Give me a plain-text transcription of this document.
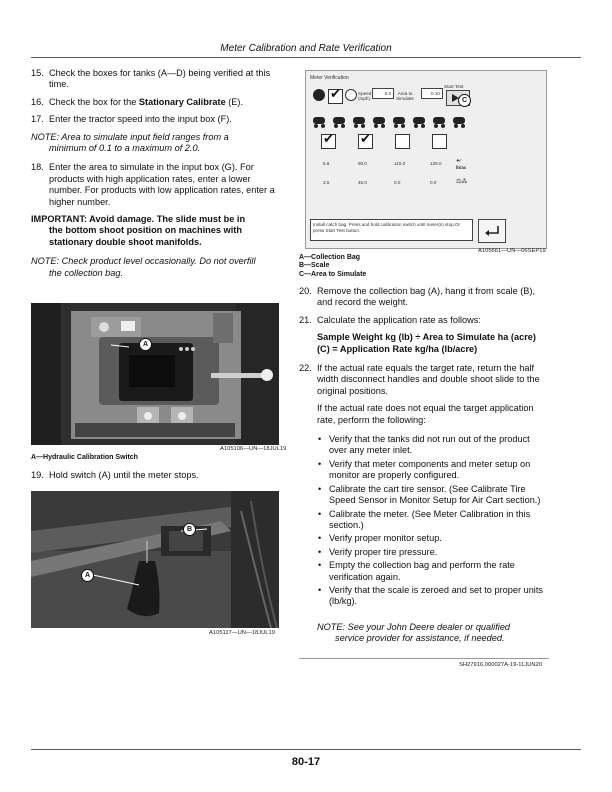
Meter Calibration and Rate Verification
15. Check the boxes for tanks (A—D) being verified at this time.
16. Check the box for the Stationary Calibrate (E).
17. Enter the tractor speed into the input box (F).
NOTE: Area to simulate input field ranges from a
minimum of 0.1 to a maximum of 2.0.
18. Enter the area to simulate in the input box (G). For products with high application rates, enter a lower number. For products with low application rates, enter a higher number.
IMPORTANT: Avoid damage. The slide must be in
the bottom shoot position on machines with stationary double shoot manifolds.
NOTE: Check product level occasionally. Do not overfill
the collection bag.
A
A105106—UN—18JUL19
A—Hydraulic Calibration Switch
19. Hold switch (A) until the meter stops.
A
B
A105117—UN—18JUL19
Meter Verification
Start Test
✔
Speed (mph)
5.0	Area to Simulate
0.10
C
✔
✔
5.6	90.0	110.0	128.0
✦∕
lb/ac
2.5	45.0	0.0	0.0	⚖⁂
Install catch bag. Press and hold calibration switch until meter(s) stop.Or press Start Test button.
A105661—UN—06SEP19
A—Collection Bag
B—Scale
C—Area to Simulate
20. Remove the collection bag (A), hang it from scale (B), and record the weight.
21. Calculate the application rate as follows:
Sample Weight kg (lb) ÷ Area to Simulate ha (acre) (C) = Application Rate kg/ha (lb/acre)
22. If the actual rate equals the target rate, return the half width disconnect handles and double shoot slide to the original positions.
If the actual rate does not equal the target application rate, perform the following:
• Verify that the tanks did not run out of the product over any meter inlet.
• Verify that meter components and meter setup on monitor are properly configured.
• Calibrate the cart tire sensor. (See Calibrate Tire Speed Sensor in Monitor Setup for Air Cart section.)
• Calibrate the meter. (See Meter Calibration in this section.)
• Verify proper monitor setup.
• Verify proper tire pressure.
• Empty the collection bag and perform the rate verification again.
• Verify that the scale is zeroed and set to proper units (lb/kg).
NOTE: See your John Deere dealer or qualified
service provider for assistance, if needed.
SH27916,000027A-19-11JUN20
80-17
